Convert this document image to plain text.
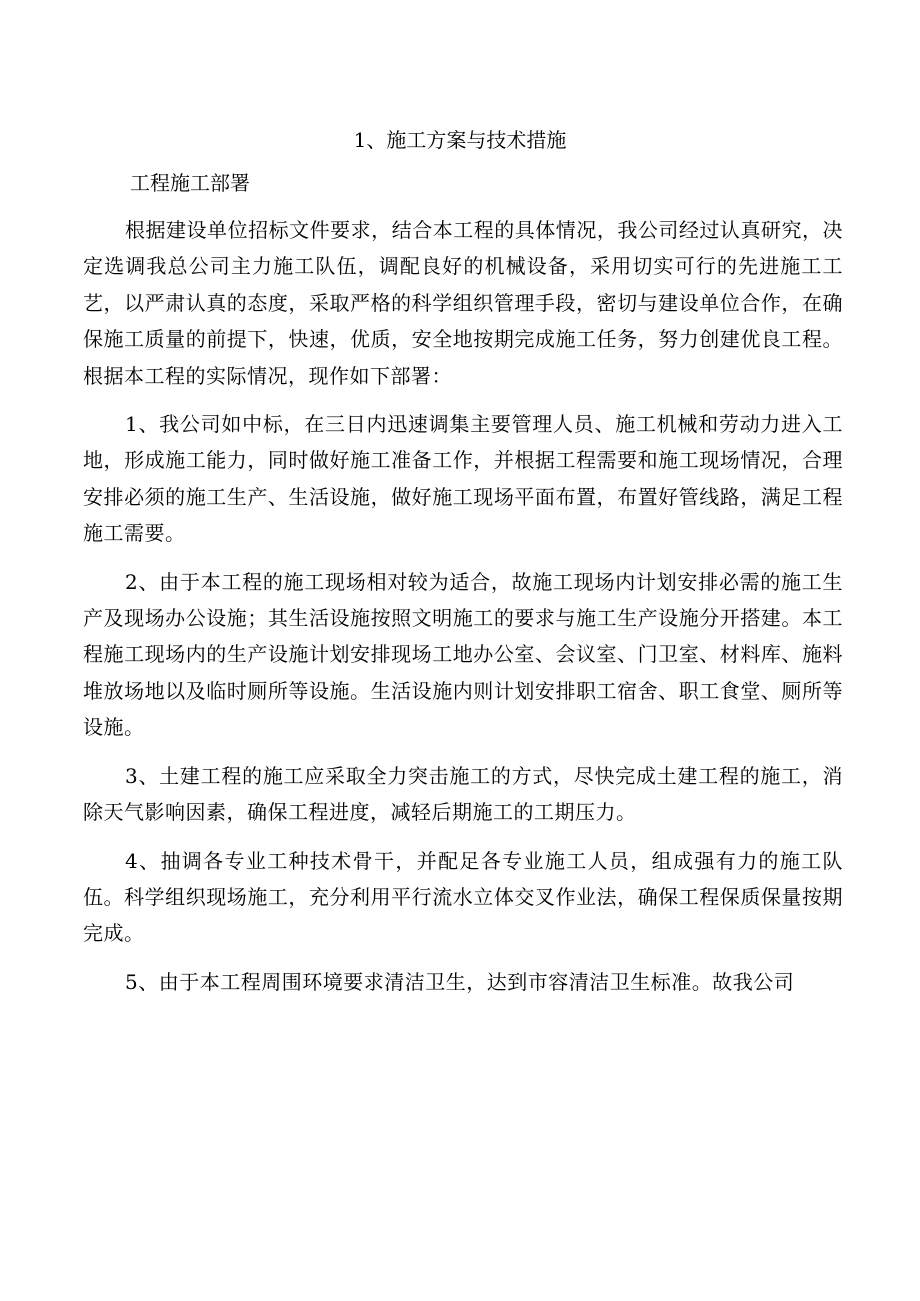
1、施工方案与技术措施
工程施工部署

根据建设单位招标文件要求，结合本工程的具体情况，我公司经过认真研究，决定选调我总公司主力施工队伍，调配良好的机械设备，采用切实可行的先进施工工艺，以严肃认真的态度，采取严格的科学组织管理手段，密切与建设单位合作，在确保施工质量的前提下，快速，优质，安全地按期完成施工任务，努力创建优良工程。根据本工程的实际情况，现作如下部署：

1、我公司如中标，在三日内迅速调集主要管理人员、施工机械和劳动力进入工地，形成施工能力，同时做好施工准备工作，并根据工程需要和施工现场情况，合理安排必须的施工生产、生活设施，做好施工现场平面布置，布置好管线路，满足工程施工需要。

2、由于本工程的施工现场相对较为适合，故施工现场内计划安排必需的施工生产及现场办公设施；其生活设施按照文明施工的要求与施工生产设施分开搭建。本工程施工现场内的生产设施计划安排现场工地办公室、会议室、门卫室、材料库、施料堆放场地以及临时厕所等设施。生活设施内则计划安排职工宿舍、职工食堂、厕所等设施。

3、土建工程的施工应采取全力突击施工的方式，尽快完成土建工程的施工，消除天气影响因素，确保工程进度，减轻后期施工的工期压力。

4、抽调各专业工种技术骨干，并配足各专业施工人员，组成强有力的施工队伍。科学组织现场施工，充分利用平行流水立体交叉作业法，确保工程保质保量按期完成。

5、由于本工程周围环境要求清洁卫生，达到市容清洁卫生标准。故我公司
